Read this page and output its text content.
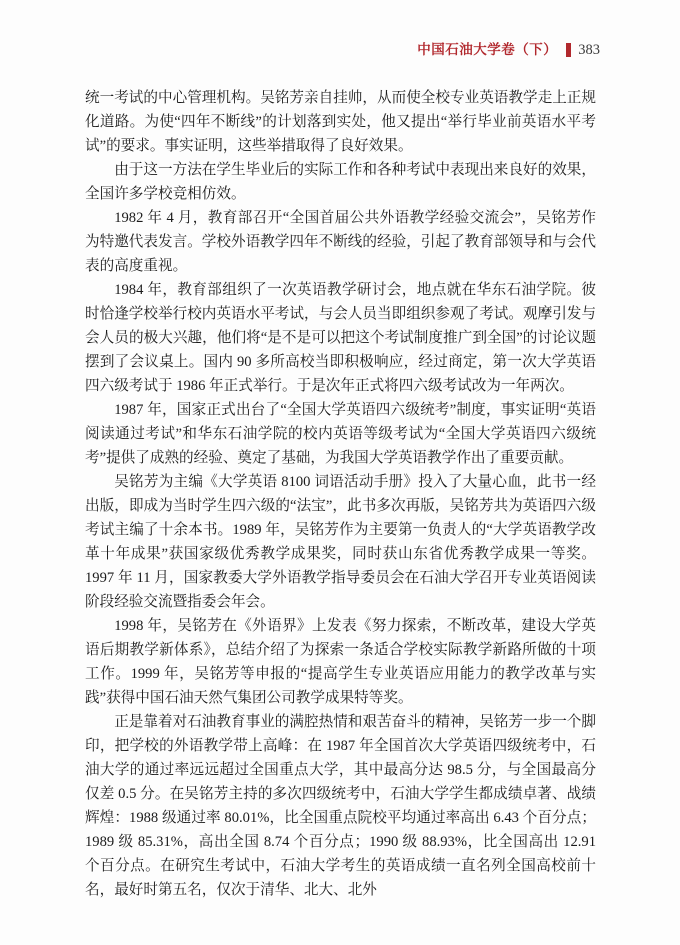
中国石油大学卷（下） 383

统一考试的中心管理机构。吴铭芳亲自挂帅，从而使全校专业英语教学走上正规化道路。为使“四年不断线”的计划落到实处，他又提出“举行毕业前英语水平考试”的要求。事实证明，这些举措取得了良好效果。

由于这一方法在学生毕业后的实际工作和各种考试中表现出来良好的效果，全国许多学校竞相仿效。

1982 年 4 月，教育部召开“全国首届公共外语教学经验交流会”，吴铭芳作为特邀代表发言。学校外语教学四年不断线的经验，引起了教育部领导和与会代表的高度重视。

1984 年，教育部组织了一次英语教学研讨会，地点就在华东石油学院。彼时恰逢学校举行校内英语水平考试，与会人员当即组织参观了考试。观摩引发与会人员的极大兴趣，他们将“是不是可以把这个考试制度推广到全国”的讨论议题摆到了会议桌上。国内 90 多所高校当即积极响应，经过商定，第一次大学英语四六级考试于 1986 年正式举行。于是次年正式将四六级考试改为一年两次。

1987 年，国家正式出台了“全国大学英语四六级统考”制度，事实证明“英语阅读通过考试”和华东石油学院的校内英语等级考试为“全国大学英语四六级统考”提供了成熟的经验、奠定了基础，为我国大学英语教学作出了重要贡献。

吴铭芳为主编《大学英语 8100 词语活动手册》投入了大量心血，此书一经出版，即成为当时学生四六级的“法宝”，此书多次再版，吴铭芳共为英语四六级考试主编了十余本书。1989 年，吴铭芳作为主要第一负责人的“大学英语教学改革十年成果”获国家级优秀教学成果奖，同时获山东省优秀教学成果一等奖。1997 年 11 月，国家教委大学外语教学指导委员会在石油大学召开专业英语阅读阶段经验交流暨指委会年会。

1998 年，吴铭芳在《外语界》上发表《努力探索，不断改革，建设大学英语后期教学新体系》，总结介绍了为探索一条适合学校实际教学新路所做的十项工作。1999 年，吴铭芳等申报的“提高学生专业英语应用能力的教学改革与实践”获得中国石油天然气集团公司教学成果特等奖。

正是靠着对石油教育事业的满腔热情和艰苦奋斗的精神，吴铭芳一步一个脚印，把学校的外语教学带上高峰：在 1987 年全国首次大学英语四级统考中，石油大学的通过率远远超过全国重点大学，其中最高分达 98.5 分，与全国最高分仅差 0.5 分。在吴铭芳主持的多次四级统考中，石油大学学生都成绩卓著、战绩辉煌：1988 级通过率 80.01%，比全国重点院校平均通过率高出 6.43 个百分点；1989 级 85.31%，高出全国 8.74 个百分点；1990 级 88.93%，比全国高出 12.91 个百分点。在研究生考试中，石油大学考生的英语成绩一直名列全国高校前十名，最好时第五名，仅次于清华、北大、北外
